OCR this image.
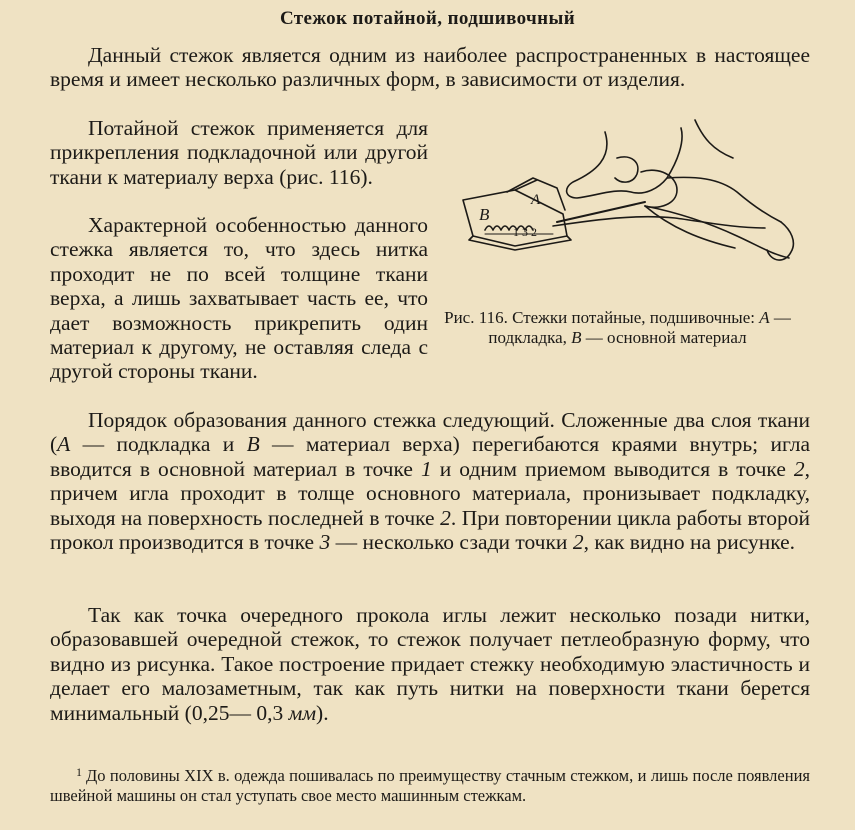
Стежок потайной, подшивочный

Данный стежок является одним из наиболее распространенных в настоящее время и имеет несколько различных форм, в зависимости от изделия.

Потайной стежок применяется для прикрепления подкладочной или другой ткани к материалу верха (рис. 116).

Характерной особенностью данного стежка является то, что здесь нитка проходит не по всей толщине ткани верха, а лишь захватывает часть ее, что дает возможность прикрепить один материал к другому, не оставляя следа с другой стороны ткани.

В
А
1 3 2
Рис. 116. Стежки потайные, подшивочные: А — подкладка, В — основной материал

Порядок образования данного стежка следующий. Сложенные два слоя ткани (А — подкладка и В — материал верха) перегибаются краями внутрь; игла вводится в основной материал в точке 1 и одним приемом выводится в точке 2, причем игла проходит в толще основного материала, пронизывает подкладку, выходя на поверхность последней в точке 2. При повторении цикла работы второй прокол производится в точке 3 — несколько сзади точки 2, как видно на рисунке.

Так как точка очередного прокола иглы лежит несколько позади нитки, образовавшей очередной стежок, то стежок получает петлеобразную форму, что видно из рисунка. Такое построение придает стежку необходимую эластичность и делает его малозаметным, так как путь нитки на поверхности ткани берется минимальный (0,25— 0,3 мм).

$^1$ До половины XIX в. одежда пошивалась по преимуществу стачным стежком, и лишь после появления швейной машины он стал уступать свое место машинным стежкам.
